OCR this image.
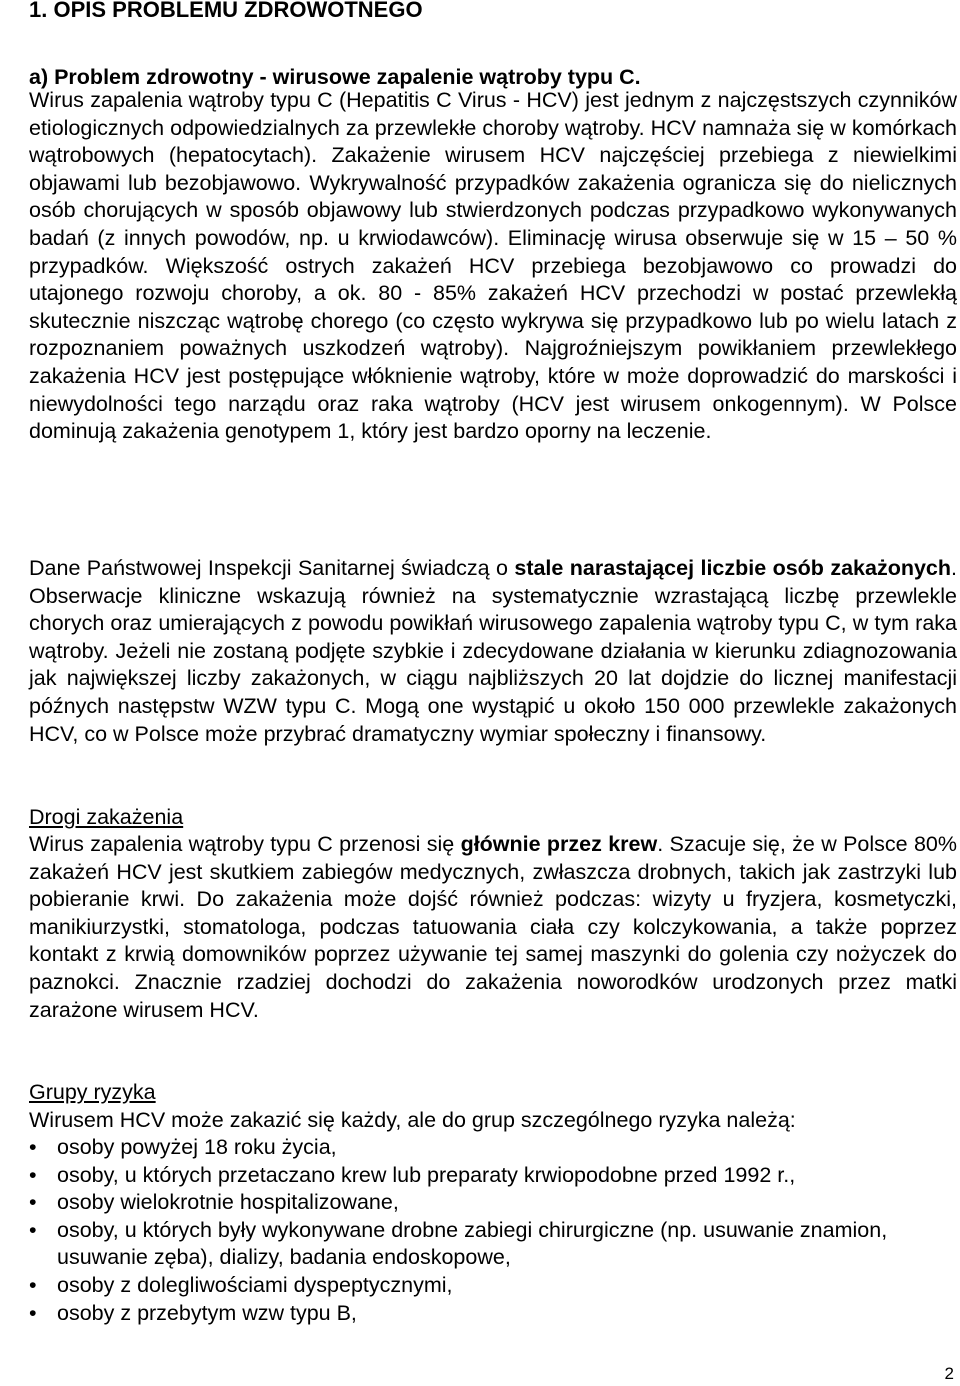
1. OPIS PROBLEMU ZDROWOTNEGO
a) Problem zdrowotny - wirusowe zapalenie wątroby typu C.

Wirus zapalenia wątroby typu C (Hepatitis C Virus - HCV) jest jednym z najczęstszych czynników etiologicznych odpowiedzialnych za przewlekłe choroby wątroby. HCV namnaża się w komórkach wątrobowych (hepatocytach). Zakażenie wirusem HCV najczęściej przebiega z niewielkimi objawami lub bezobjawowo. Wykrywalność przypadków zakażenia ogranicza się do nielicznych osób chorujących w sposób objawowy lub stwierdzonych podczas przypadkowo wykonywanych badań (z innych powodów, np. u krwiodawców). Eliminację wirusa obserwuje się w 15 – 50 % przypadków. Większość ostrych zakażeń HCV przebiega bezobjawowo co prowadzi do utajonego rozwoju choroby, a ok. 80 - 85% zakażeń HCV przechodzi w postać przewlekłą skutecznie niszcząc wątrobę chorego (co często wykrywa się przypadkowo lub po wielu latach z rozpoznaniem poważnych uszkodzeń wątroby). Najgroźniejszym powikłaniem przewlekłego zakażenia HCV jest postępujące włóknienie wątroby, które w może doprowadzić do marskości i niewydolności tego narządu oraz raka wątroby (HCV jest wirusem onkogennym). W Polsce dominują zakażenia genotypem 1, który jest bardzo oporny na leczenie.

Dane Państwowej Inspekcji Sanitarnej świadczą o stale narastającej liczbie osób zakażonych. Obserwacje kliniczne wskazują również na systematycznie wzrastającą liczbę przewlekle chorych oraz umierających z powodu powikłań wirusowego zapalenia wątroby typu C, w tym raka wątroby. Jeżeli nie zostaną podjęte szybkie i zdecydowane działania w kierunku zdiagnozowania jak największej liczby zakażonych, w ciągu najbliższych 20 lat dojdzie do licznej manifestacji późnych następstw WZW typu C. Mogą one wystąpić u około 150 000 przewlekle zakażonych HCV, co w Polsce może przybrać dramatyczny wymiar społeczny i finansowy.

Drogi zakażenia

Wirus zapalenia wątroby typu C przenosi się głównie przez krew. Szacuje się, że w Polsce 80% zakażeń HCV jest skutkiem zabiegów medycznych, zwłaszcza drobnych, takich jak zastrzyki lub pobieranie krwi. Do zakażenia może dojść również podczas: wizyty u fryzjera, kosmetyczki, manikiurzystki, stomatologa, podczas tatuowania ciała czy kolczykowania, a także poprzez kontakt z krwią domowników poprzez używanie tej samej maszynki do golenia czy nożyczek do paznokci. Znacznie rzadziej dochodzi do zakażenia noworodków urodzonych przez matki zarażone wirusem HCV.

Grupy ryzyka
Wirusem HCV może zakazić się każdy, ale do grup szczególnego ryzyka należą:
• osoby powyżej 18 roku życia,
• osoby, u których przetaczano krew lub preparaty krwiopodobne przed 1992 r.,
• osoby wielokrotnie hospitalizowane,
• osoby, u których były wykonywane drobne zabiegi chirurgiczne (np. usuwanie znamion, usuwanie zęba), dializy, badania endoskopowe,
• osoby z dolegliwościami dyspeptycznymi,
• osoby z przebytym wzw typu B,
2
